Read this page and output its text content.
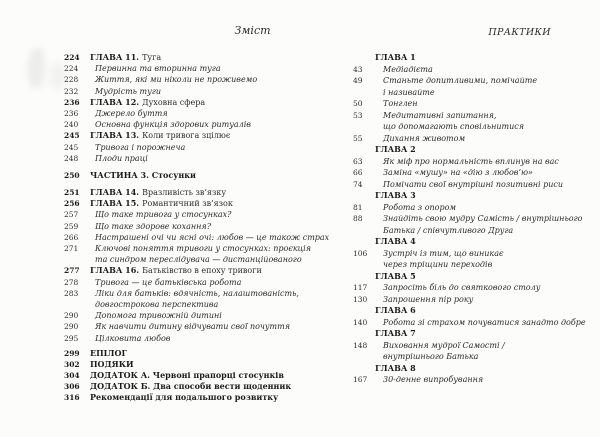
Зміст	ПРАКТИКИ
224	ГЛАВА 11. Туга
224	Первинна та вторинна туга
228	Життя, які ми ніколи не проживемо
232	Мудрість туги
236	ГЛАВА 12. Духовна сфера
236	Джерело буття
240	Основна функція здорових ритуалів
245	ГЛАВА 13. Коли тривога зцілює
245	Тривога і порожнеча
248	Плоди праці
250	ЧАСТИНА 3. Стосунки
251	ГЛАВА 14. Вразливість зв’язку
256	ГЛАВА 15. Романтичний зв’язок
257	Що таке тривога у стосунках?
259	Що таке здорове кохання?
266	Настрашені очі чи ясні очі: любов — це також страх
271	Ключові поняття тривоги у стосунках: проєкція
та синдром переслідувача — дистанційованого
277	ГЛАВА 16. Батьківство в епоху тривоги
278	Тривога — це батьківська робота
283	Ліки для батьків: вдячність, налаштованість,
довгострокова перспектива
290	Допомога тривожній дитині
290	Як навчити дитину відчувати свої почуття
295	Цілковита любов
299	ЕПІЛОГ
302	ПОДЯКИ
304	ДОДАТОК А. Червоні прапорці стосунків
306	ДОДАТОК Б. Два способи вести щоденник
316	Рекомендації для подальшого розвитку
ГЛАВА 1
43	Медіадієта
49	Станьте допитливими, помічайте
і називайте
50	Тонглен
53	Медитативні запитання,
що допомагають сповільнитися
55	Дихання животом
ГЛАВА 2
63	Як міф про нормальність вплинув на вас
66	Заміна «мушу» на «дію з любов’ю»
74	Помічати свої внутрішні позитивні риси
ГЛАВА 3
81	Робота з опором
88	Знайдіть свою мудру Самість / внутрішнього
Батька / співчутливого Друга
ГЛАВА 4
106	Зустріч із тим, що виникає
через тріщини переходів
ГЛАВА 5
117	Запросіть біль до святкового столу
130	Запрошення пір року
ГЛАВА 6
140	Робота зі страхом почуватися занадто добре
ГЛАВА 7
148	Виховання мудрої Самості /
внутрішнього Батька
ГЛАВА 8
167	30-денне випробування
